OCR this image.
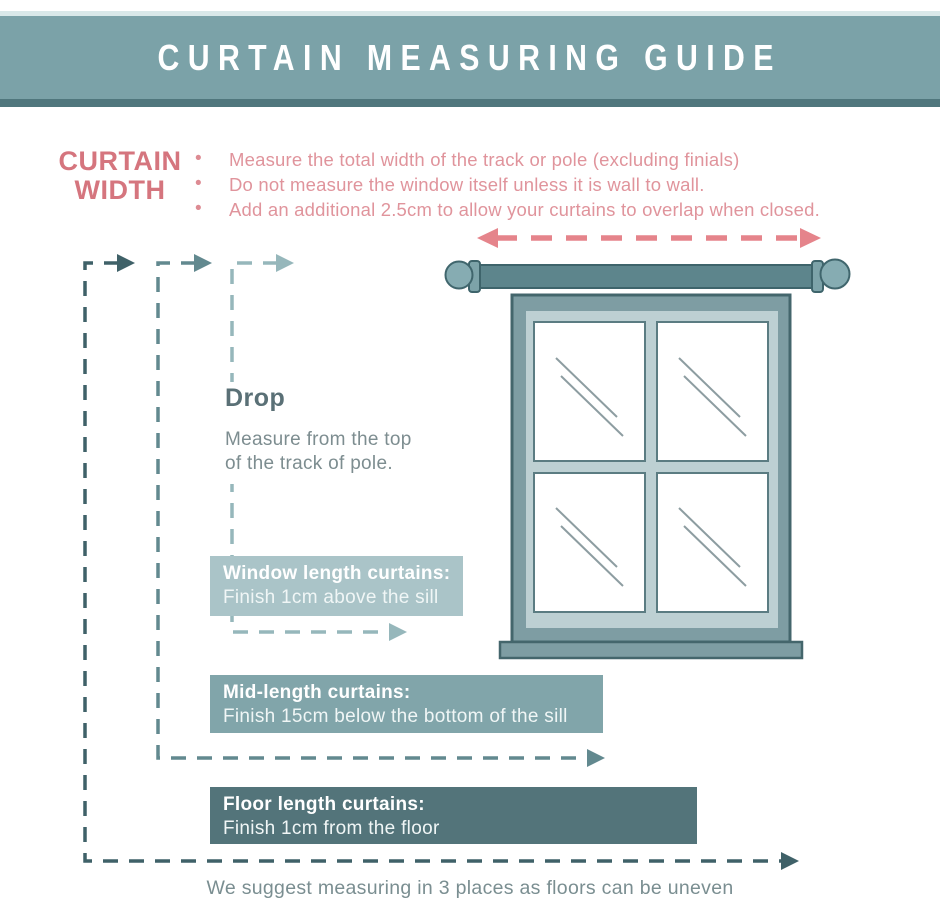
CURTAIN MEASURING GUIDE
CURTAIN
WIDTH
•	Measure the total width of the track or pole (excluding finials)
•	Do not measure the window itself unless it is wall to wall.
•	Add an additional 2.5cm to allow your curtains to overlap when closed.
Drop
Measure from the top
of the track of pole.
Window length curtains:
Finish 1cm above the sill
Mid-length curtains:
Finish 15cm below the bottom of the sill
Floor length curtains:
Finish 1cm from the floor
We suggest measuring in 3 places as floors can be uneven
